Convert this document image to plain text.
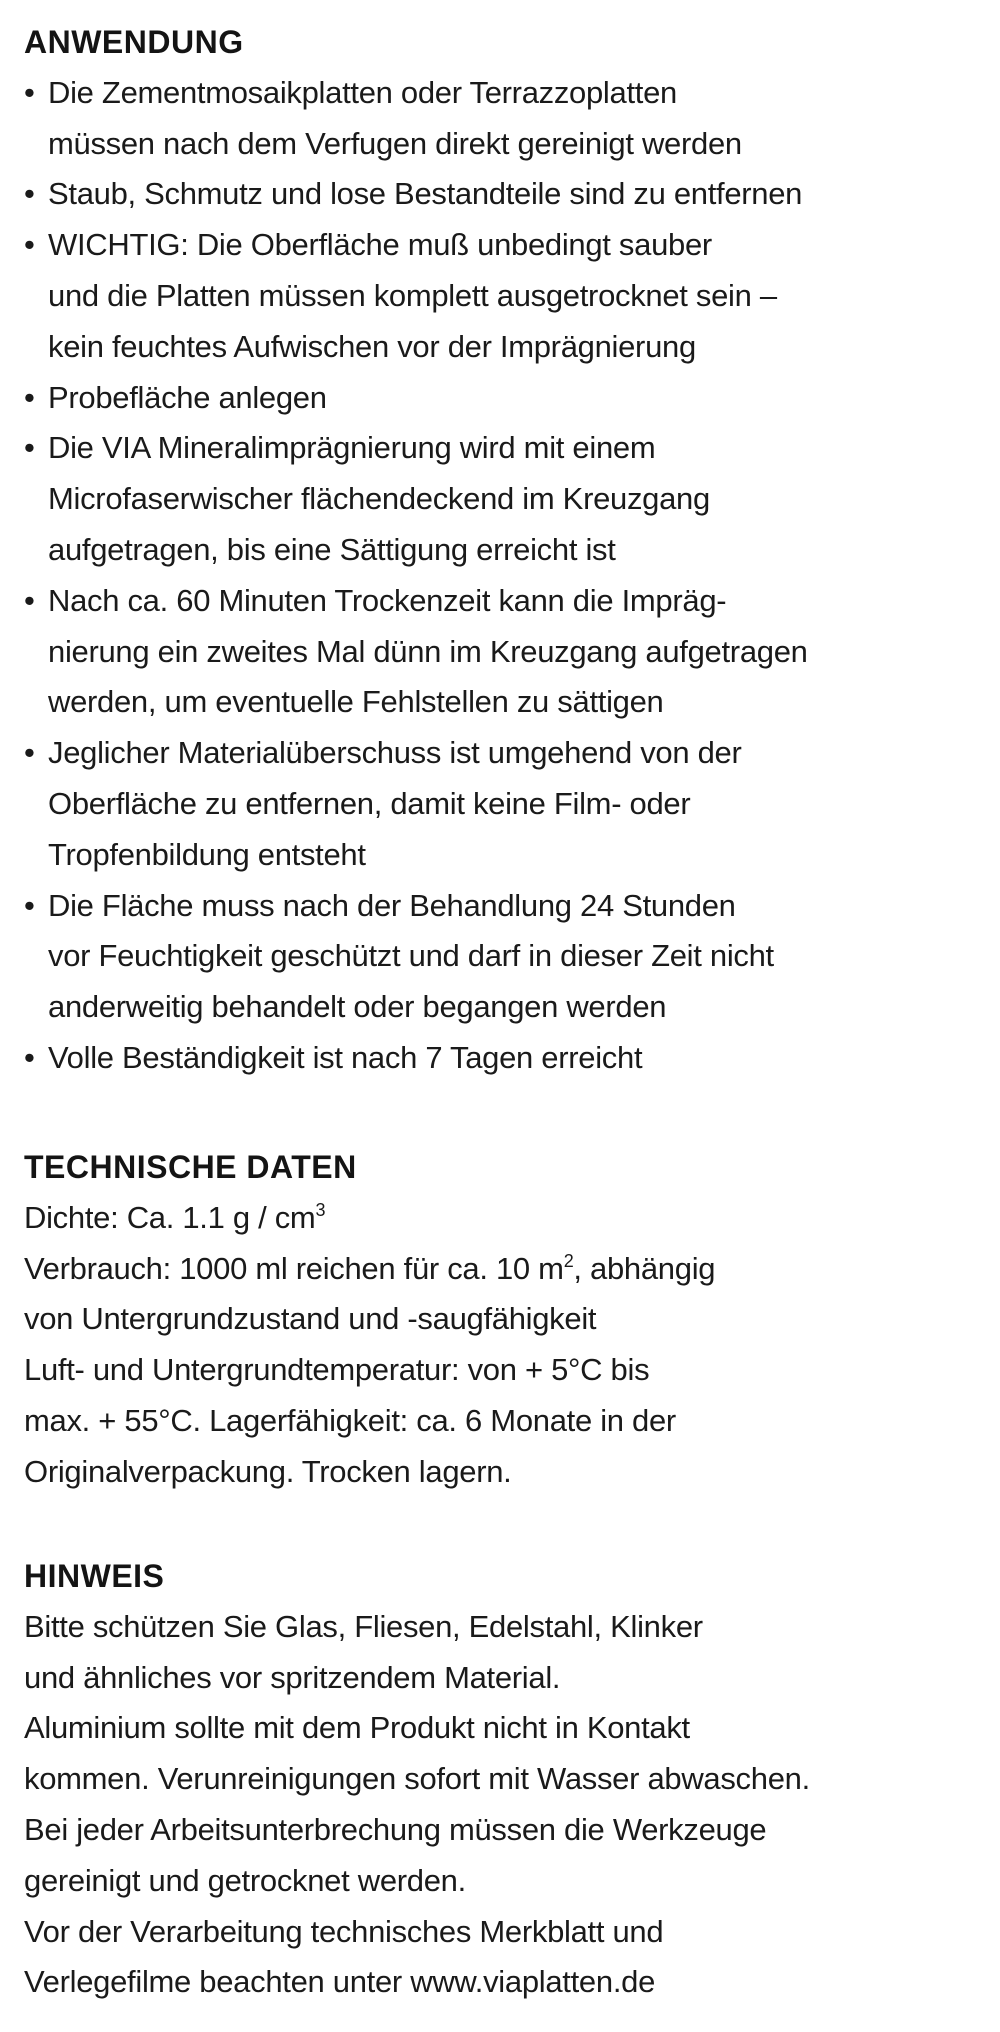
ANWENDUNG
• Die Zementmosaikplatten oder Terrazzoplatten
müssen nach dem Verfugen direkt gereinigt werden
• Staub, Schmutz und lose Bestandteile sind zu entfernen
• WICHTIG: Die Oberfläche muß unbedingt sauber
und die Platten müssen komplett ausgetrocknet sein –
kein feuchtes Aufwischen vor der Imprägnierung
• Probefläche anlegen
• Die VIA Mineralimprägnierung wird mit einem
Microfaserwischer flächendeckend im Kreuzgang
aufgetragen, bis eine Sättigung erreicht ist
• Nach ca. 60 Minuten Trockenzeit kann die Impräg-
nierung ein zweites Mal dünn im Kreuzgang aufgetragen
werden, um eventuelle Fehlstellen zu sättigen
• Jeglicher Materialüberschuss ist umgehend von der
Oberfläche zu entfernen, damit keine Film- oder
Tropfenbildung entsteht
• Die Fläche muss nach der Behandlung 24 Stunden
vor Feuchtigkeit geschützt und darf in dieser Zeit nicht
anderweitig behandelt oder begangen werden
• Volle Beständigkeit ist nach 7 Tagen erreicht
TECHNISCHE DATEN
Dichte: Ca. 1.1 g / $cm^3$
Verbrauch: 1000 ml reichen für ca. 10 $m^2$, abhängig
von Untergrundzustand und -saugfähigkeit
Luft- und Untergrundtemperatur: von + 5°C bis
max. + 55°C. Lagerfähigkeit: ca. 6 Monate in der
Originalverpackung. Trocken lagern.
HINWEIS
Bitte schützen Sie Glas, Fliesen, Edelstahl, Klinker
und ähnliches vor spritzendem Material.
Aluminium sollte mit dem Produkt nicht in Kontakt
kommen. Verunreinigungen sofort mit Wasser abwaschen.
Bei jeder Arbeitsunterbrechung müssen die Werkzeuge
gereinigt und getrocknet werden.
Vor der Verarbeitung technisches Merkblatt und
Verlegefilme beachten unter www.viaplatten.de
